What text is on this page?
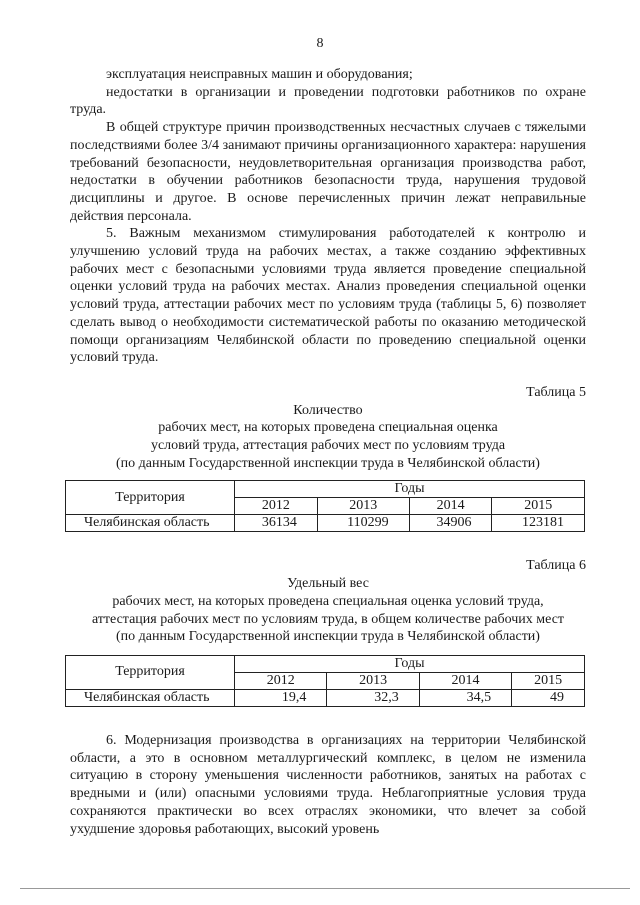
8

эксплуатация неисправных машин и оборудования;

недостатки в организации и проведении подготовки работников по охране труда.

В общей структуре причин производственных несчастных случаев с тяжелыми последствиями более 3/4 занимают причины организационного характера: нарушения требований безопасности, неудовлетворительная организация производства работ, недостатки в обучении работников безопасности труда, нарушения трудовой дисциплины и другое. В основе перечисленных причин лежат неправильные действия персонала.

5. Важным механизмом стимулирования работодателей к контролю и улучшению условий труда на рабочих местах, а также созданию эффективных рабочих мест с безопасными условиями труда является проведение специальной оценки условий труда на рабочих местах. Анализ проведения специальной оценки условий труда, аттестации рабочих мест по условиям труда (таблицы 5, 6) позволяет сделать вывод о необходимости систематической работы по оказанию методической помощи организациям Челябинской области по проведению специальной оценки условий труда.

Таблица 5

Количество

рабочих мест, на которых проведена специальная оценка

условий труда, аттестация рабочих мест по условиям труда

(по данным Государственной инспекции труда в Челябинской области)

Территория	Годы			
	2012	2013	2014	2015
Челябинская область	36134	110299	34906	123181

Таблица 6

Удельный вес

рабочих мест, на которых проведена специальная оценка условий труда,

аттестация рабочих мест по условиям труда, в общем количестве рабочих мест

(по данным Государственной инспекции труда в Челябинской области)

Территория	Годы			
	2012	2013	2014	2015
Челябинская область	19,4	32,3	34,5	49

6. Модернизация производства в организациях на территории Челябинской области, а это в основном металлургический комплекс, в целом не изменила ситуацию в сторону уменьшения численности работников, занятых на работах с вредными и (или) опасными условиями труда. Неблагоприятные условия труда сохраняются практически во всех отраслях экономики, что влечет за собой ухудшение здоровья работающих, высокий уровень
